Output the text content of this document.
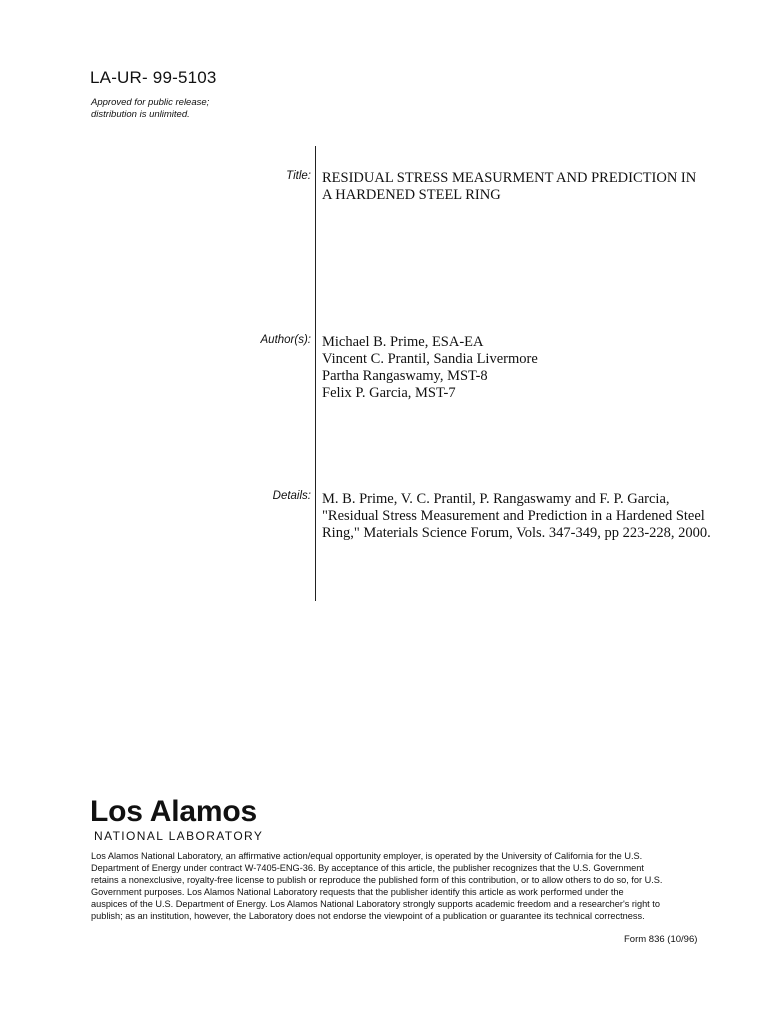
LA-UR- 99-5103
Approved for public release;
distribution is unlimited.
Title: RESIDUAL STRESS MEASURMENT AND PREDICTION IN
A HARDENED STEEL RING
Author(s): Michael B. Prime, ESA-EA
Vincent C. Prantil, Sandia Livermore
Partha Rangaswamy, MST-8
Felix P. Garcia, MST-7
Details: M. B. Prime, V. C. Prantil, P. Rangaswamy and F. P. Garcia,
"Residual Stress Measurement and Prediction in a Hardened Steel
Ring," Materials Science Forum, Vols. 347-349, pp 223-228, 2000.
Los Alamos
NATIONAL LABORATORY
Los Alamos National Laboratory, an affirmative action/equal opportunity employer, is operated by the University of California for the U.S.
Department of Energy under contract W-7405-ENG-36. By acceptance of this article, the publisher recognizes that the U.S. Government
retains a nonexclusive, royalty-free license to publish or reproduce the published form of this contribution, or to allow others to do so, for U.S.
Government purposes. Los Alamos National Laboratory requests that the publisher identify this article as work performed under the
auspices of the U.S. Department of Energy. Los Alamos National Laboratory strongly supports academic freedom and a researcher's right to
publish; as an institution, however, the Laboratory does not endorse the viewpoint of a publication or guarantee its technical correctness.
Form 836 (10/96)
